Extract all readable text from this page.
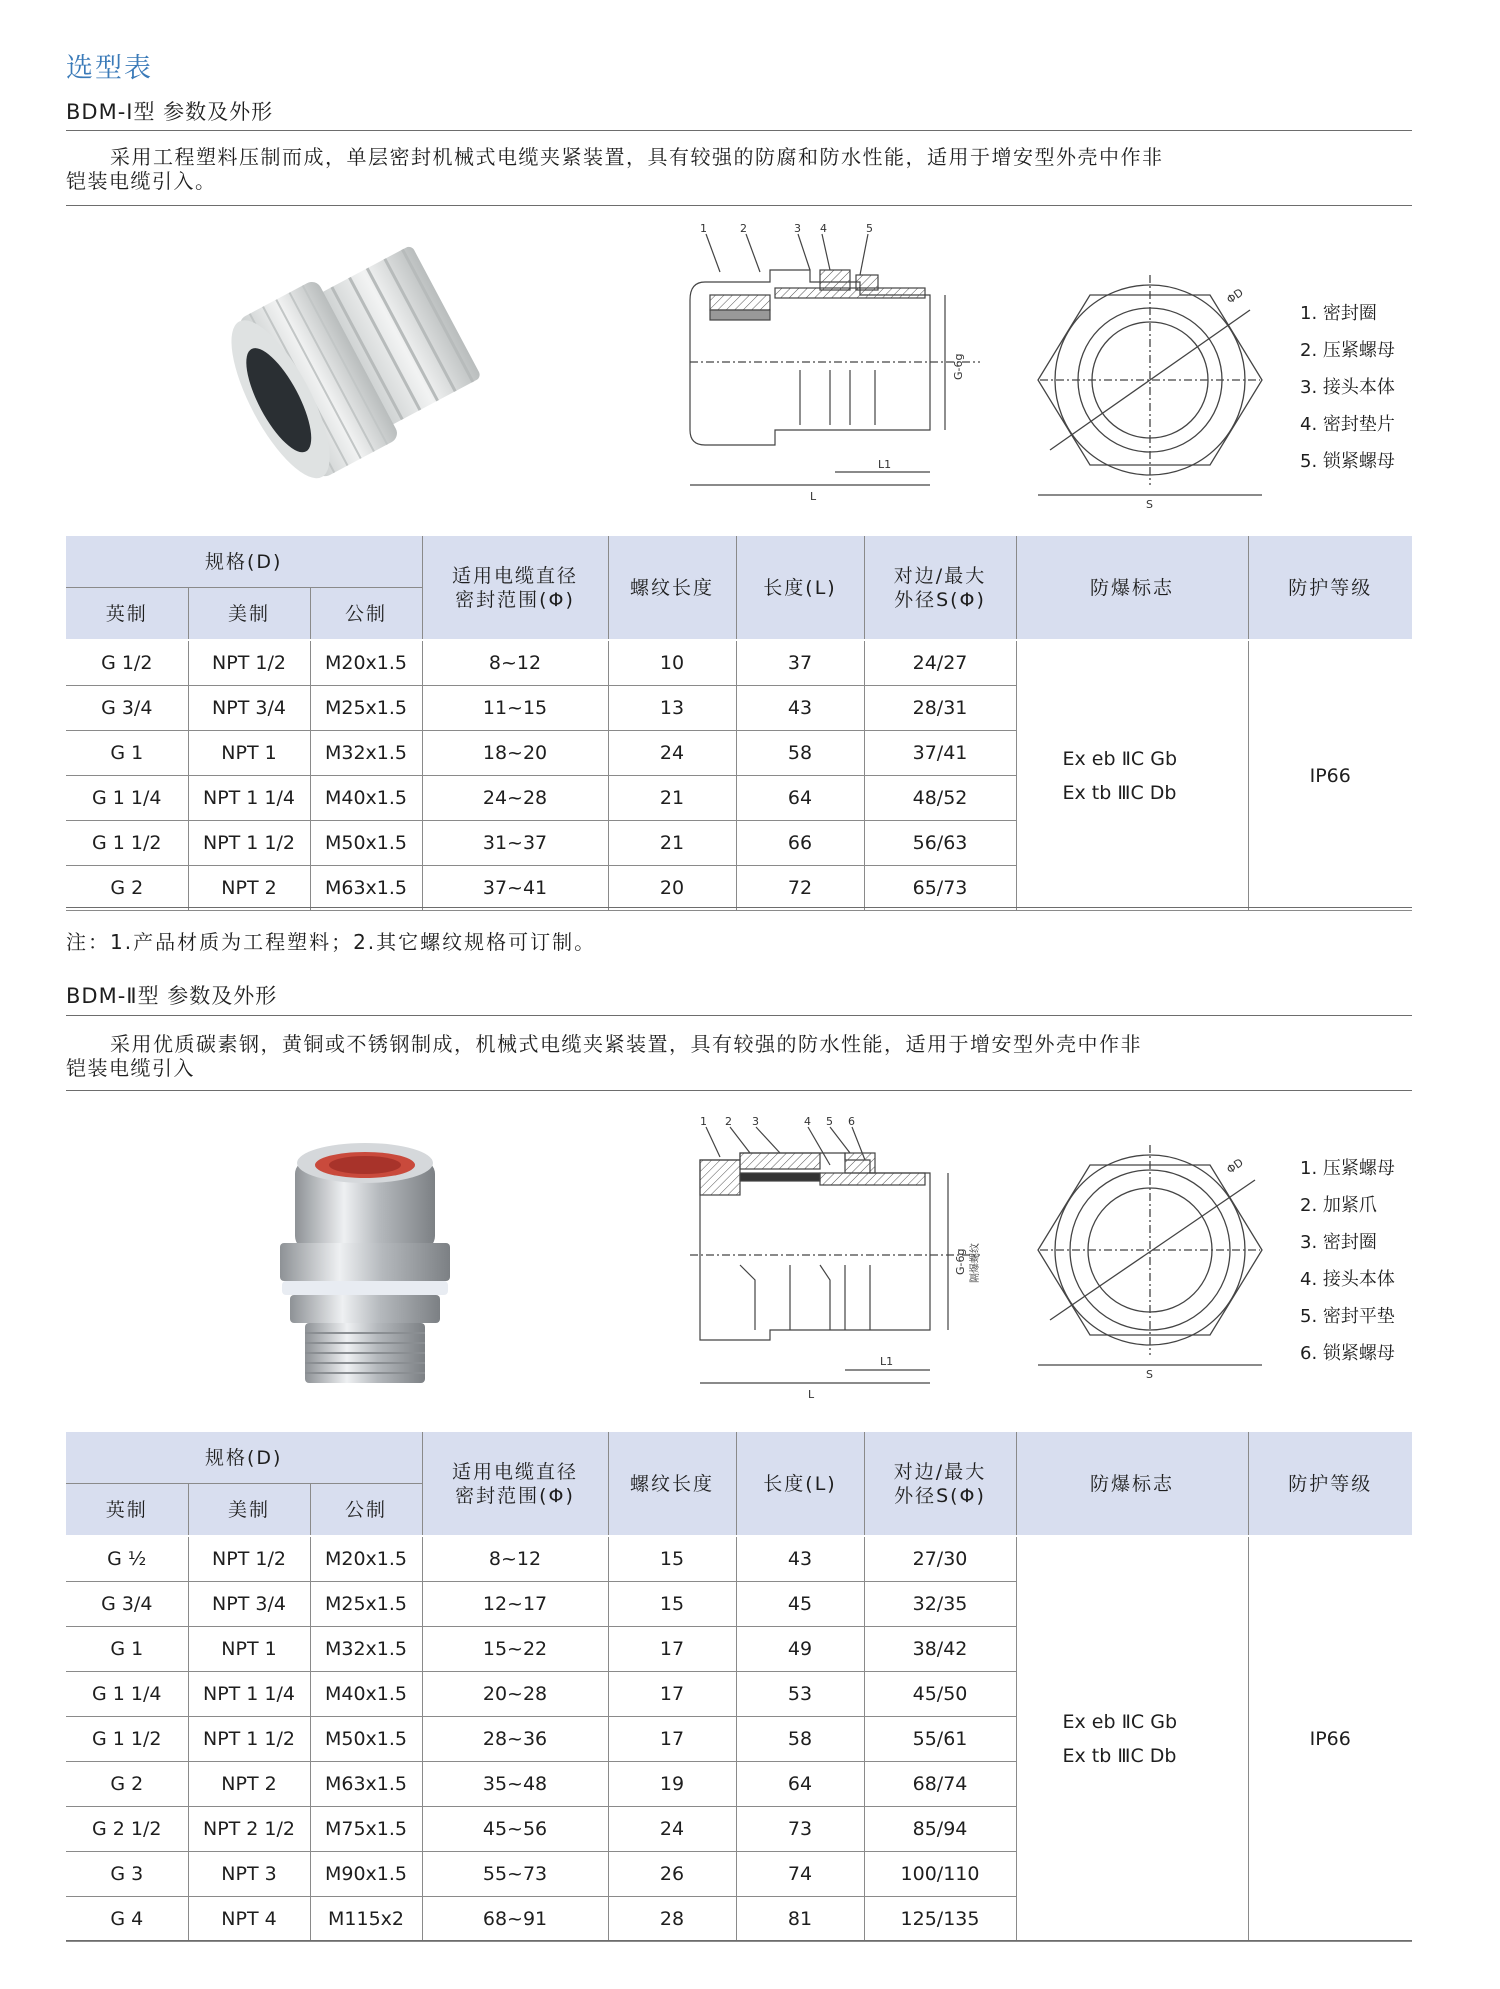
选型表
BDM-Ⅰ型 参数及外形
采用工程塑料压制而成，单层密封机械式电缆夹紧装置，具有较强的防腐和防水性能，适用于增安型外壳中作非
铠装电缆引入。
1	2	3 4	5
L
L1
G-6g
ΦD
S
1. 密封圈
2. 压紧螺母
3. 接头本体
4. 密封垫片
5. 锁紧螺母
规格(D)			适用电缆直径
密封范围(Φ)	螺纹长度	长度(L)	对边/最大
外径S(Φ)	防爆标志	防护等级
英制	美制	公制						
G 1/2	NPT 1/2	M20x1.5	8~12	10	37	24/27	Ex eb ⅡC Gb
Ex tb ⅢC Db	IP66
G 3/4	NPT 3/4	M25x1.5	11~15	13	43	28/31		
G 1	NPT 1	M32x1.5	18~20	24	58	37/41		
G 1 1/4	NPT 1 1/4	M40x1.5	24~28	21	64	48/52		
G 1 1/2	NPT 1 1/2	M50x1.5	31~37	21	66	56/63		
G 2	NPT 2	M63x1.5	37~41	20	72	65/73		
注：1.产品材质为工程塑料；2.其它螺纹规格可订制。
BDM-Ⅱ型 参数及外形
采用优质碳素钢，黄铜或不锈钢制成，机械式电缆夹紧装置，具有较强的防水性能，适用于增安型外壳中作非
铠装电缆引入
1 2 3	4 5 6
L
L1
G-6g 隔爆螺纹
ΦD
S
1. 压紧螺母
2. 加紧爪
3. 密封圈
4. 接头本体
5. 密封平垫
6. 锁紧螺母
规格(D)			适用电缆直径
密封范围(Φ)	螺纹长度	长度(L)	对边/最大
外径S(Φ)	防爆标志	防护等级
英制	美制	公制						
G ½	NPT 1/2	M20x1.5	8~12	15	43	27/30	Ex eb ⅡC Gb
Ex tb ⅢC Db	IP66
G 3/4	NPT 3/4	M25x1.5	12~17	15	45	32/35		
G 1	NPT 1	M32x1.5	15~22	17	49	38/42		
G 1 1/4	NPT 1 1/4	M40x1.5	20~28	17	53	45/50		
G 1 1/2	NPT 1 1/2	M50x1.5	28~36	17	58	55/61		
G 2	NPT 2	M63x1.5	35~48	19	64	68/74		
G 2 1/2	NPT 2 1/2	M75x1.5	45~56	24	73	85/94		
G 3	NPT 3	M90x1.5	55~73	26	74	100/110		
G 4	NPT 4	M115x2	68~91	28	81	125/135		
